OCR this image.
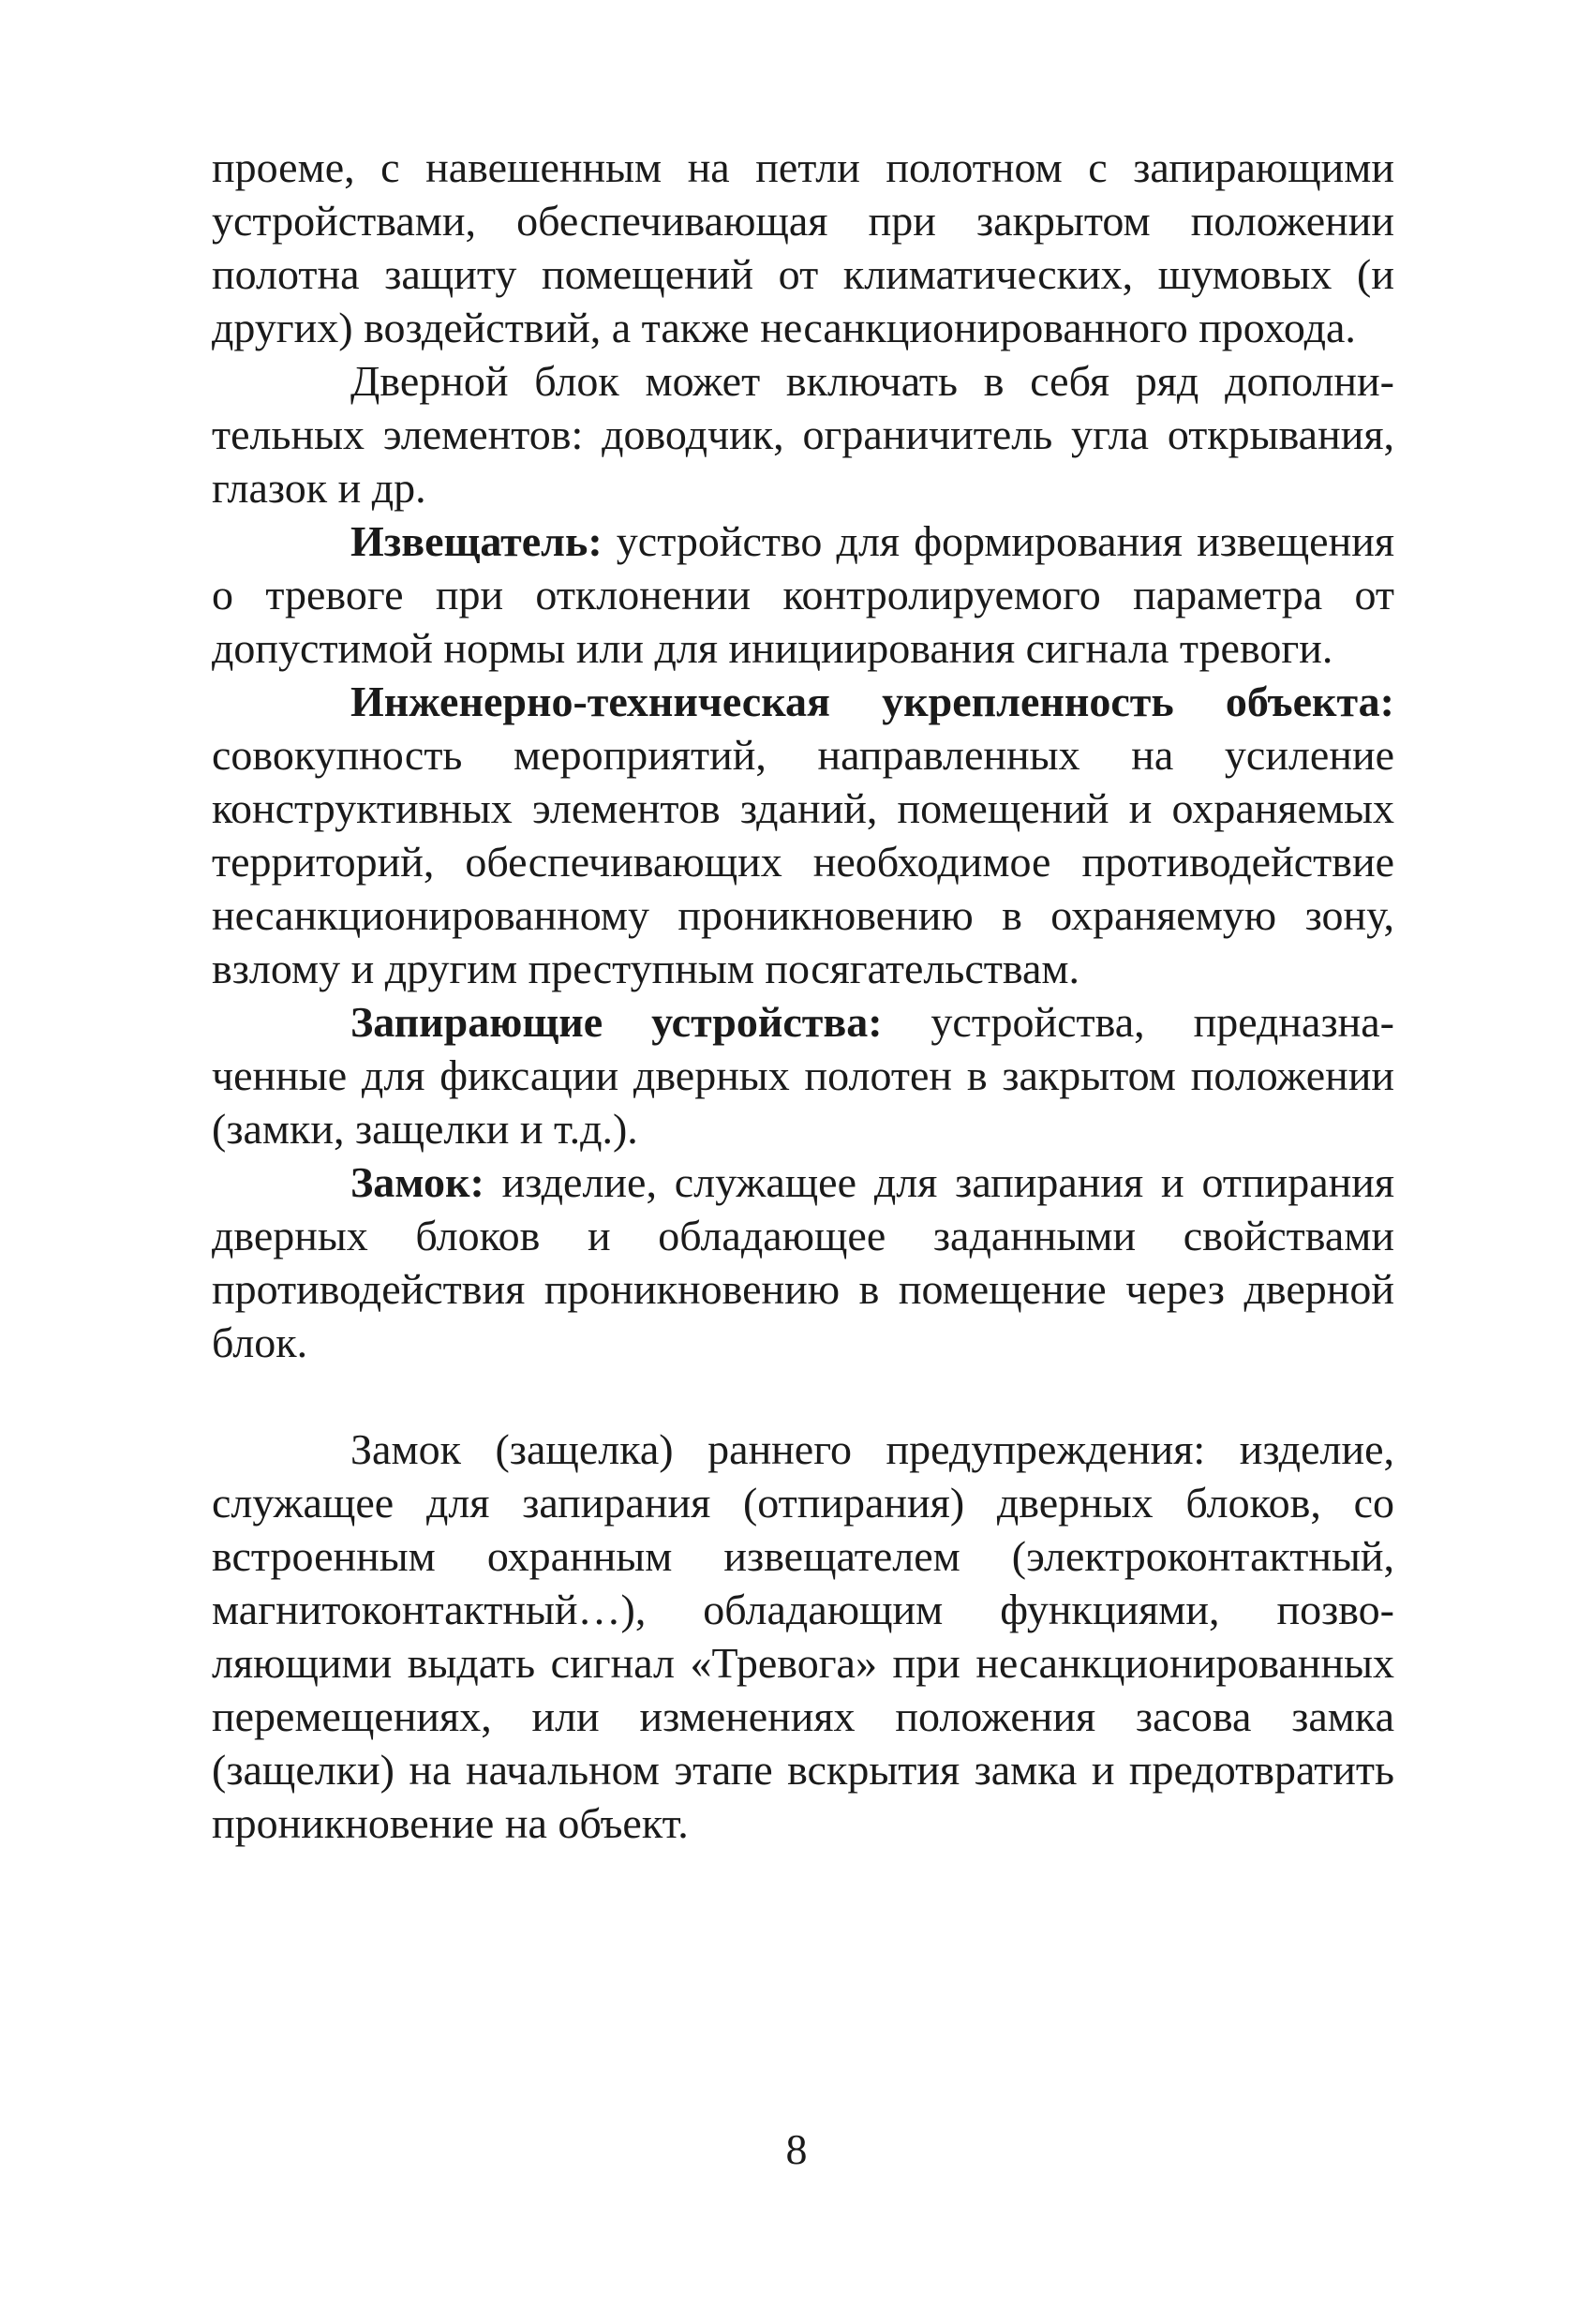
проеме, с навешенным на петли полотном с запирающими устройствами, обеспечивающая при закрытом положении полотна защиту помещений от климатических, шумовых (и других) воздействий, а также несанкционированного прохода.

Дверной блок может включать в себя ряд дополнительных элементов: доводчик, ограничитель угла открывания, глазок и др.

Извещатель: устройство для формирования извещения о тревоге при отклонении контролируемого параметра от допустимой нормы или для инициирования сигнала тревоги.

Инженерно-техническая укрепленность объекта: совокупность мероприятий, направленных на усиление конструктивных элементов зданий, помещений и охраняемых территорий, обеспечивающих необходимое противодействие несанкционированному проникновению в охраняемую зону, взлому и другим преступным посягательствам.

Запирающие устройства: устройства, предназначенные для фиксации дверных полотен в закрытом положении (замки, защелки и т.д.).

Замок: изделие, служащее для запирания и отпирания дверных блоков и обладающее заданными свойствами противодействия проникновению в помещение через дверной блок.

Замок (защелка) раннего предупреждения: изделие, служащее для запирания (отпирания) дверных блоков, со встроенным охранным извещателем (электроконтактный, магнитоконтактный…), обладающим функциями, позволяющими выдать сигнал «Тревога» при несанкционированных перемещениях, или изменениях положения засова замка (защелки) на начальном этапе вскрытия замка и предотвратить проникновение на объект.

8
